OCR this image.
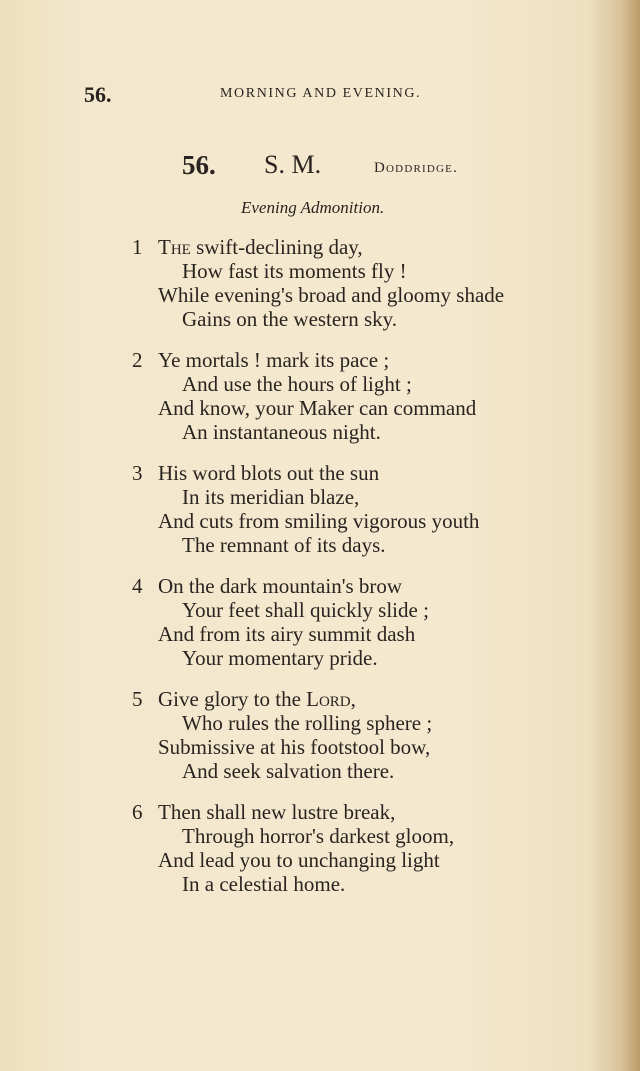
56.	MORNING AND EVENING.
56. S. M.	Doddridge.
Evening Admonition.
1 The swift-declining day,
How fast its moments fly !
While evening's broad and gloomy shade
Gains on the western sky.
2 Ye mortals ! mark its pace ;
And use the hours of light ;
And know, your Maker can command
An instantaneous night.
3 His word blots out the sun
In its meridian blaze,
And cuts from smiling vigorous youth
The remnant of its days.
4 On the dark mountain's brow
Your feet shall quickly slide ;
And from its airy summit dash
Your momentary pride.
5 Give glory to the Lord,
Who rules the rolling sphere ;
Submissive at his footstool bow,
And seek salvation there.
6 Then shall new lustre break,
Through horror's darkest gloom,
And lead you to unchanging light
In a celestial home.
